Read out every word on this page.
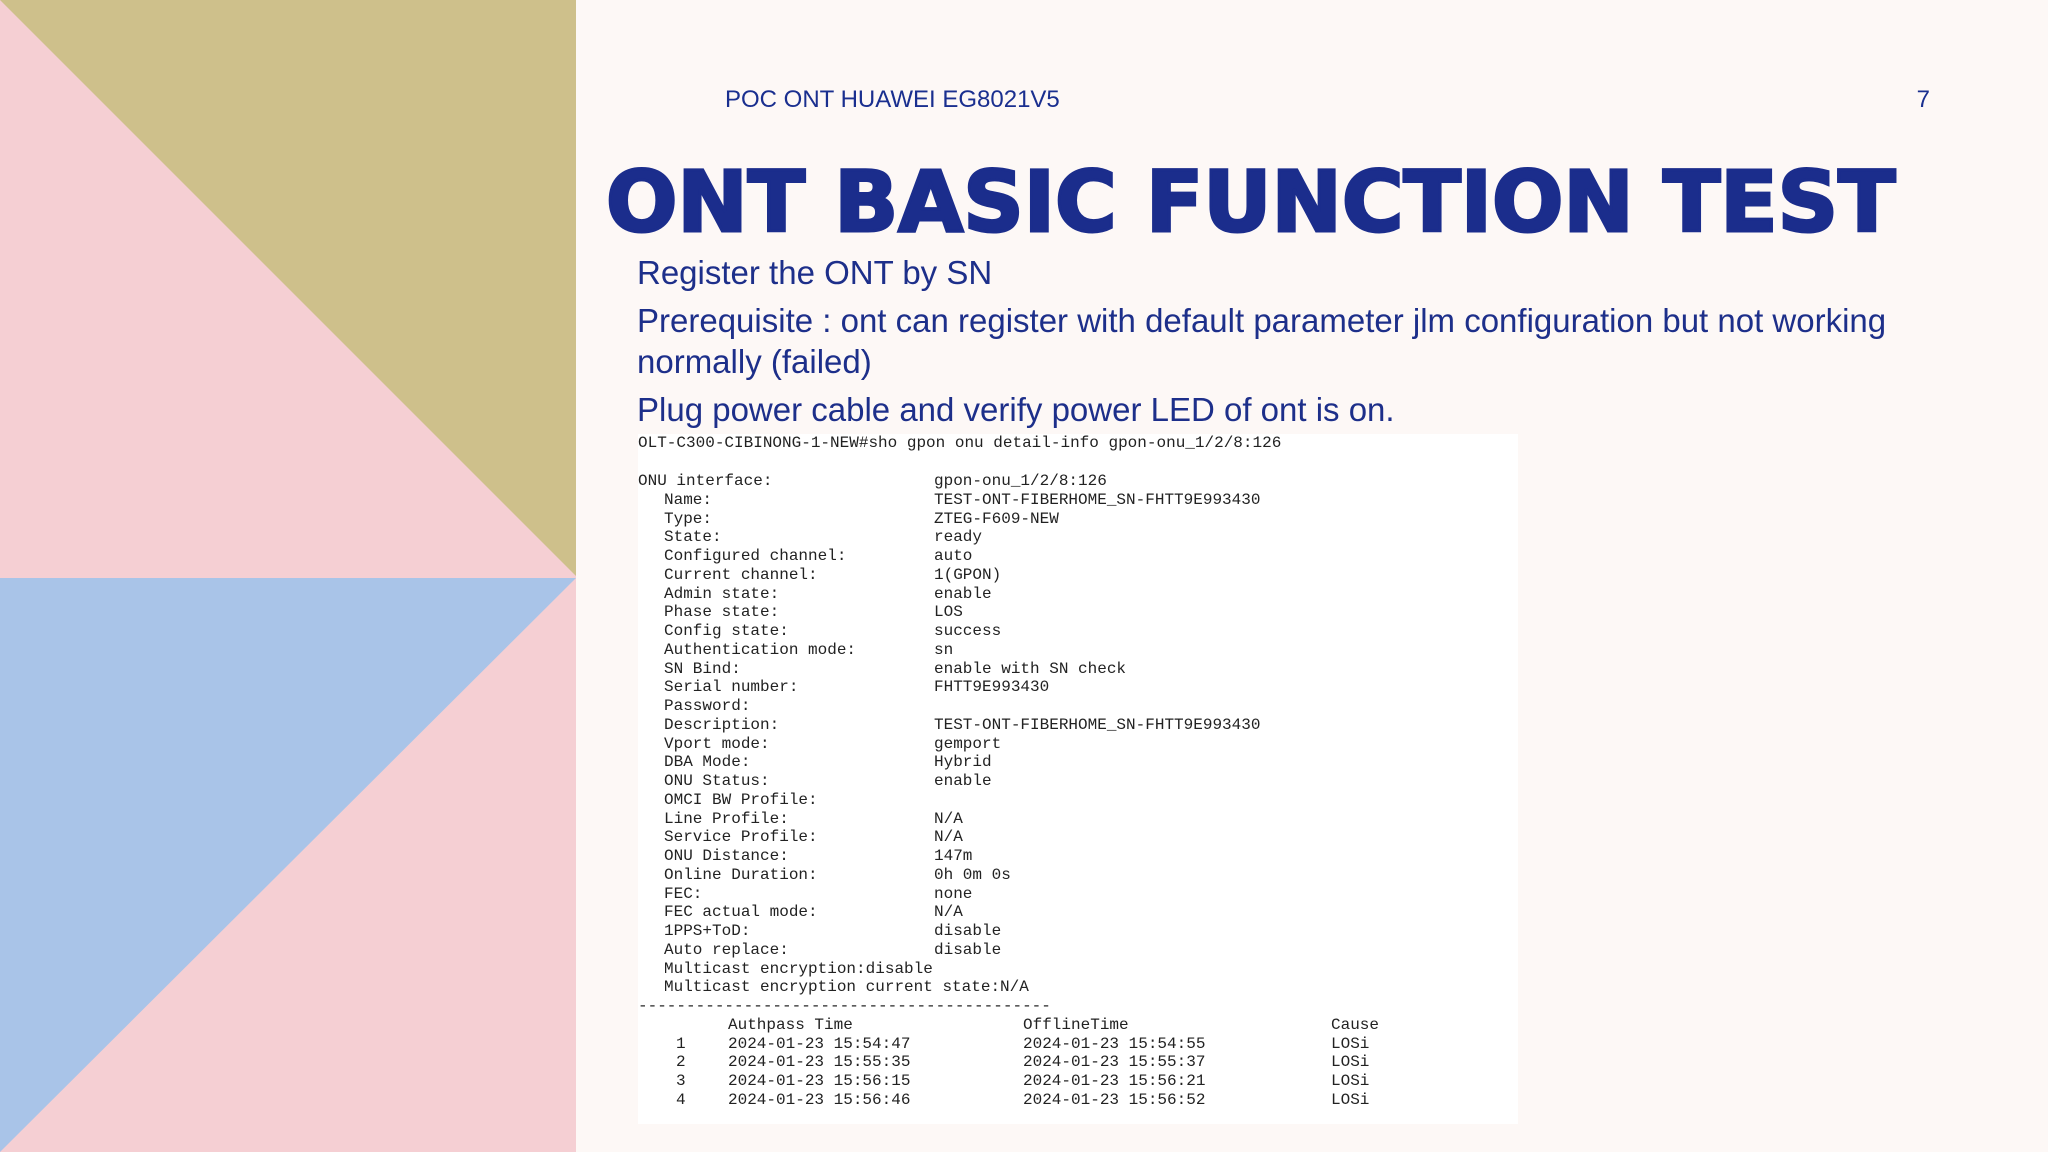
POC ONT HUAWEI EG8021V5	7
ONT BASIC FUNCTION TEST
Register the ONT by SN
Prerequisite : ont can register with default parameter jlm configuration but not working normally (failed)
Plug power cable and verify power LED of ont is on.
OLT-C300-CIBINONG-1-NEW#sho gpon onu detail-info gpon-onu_1/2/8:126
ONU interface:	gpon-onu_1/2/8:126
Name:	TEST-ONT-FIBERHOME_SN-FHTT9E993430
Type:	ZTEG-F609-NEW
State:	ready
Configured channel:	auto
Current channel:	1(GPON)
Admin state:	enable
Phase state:	LOS
Config state:	success
Authentication mode:	sn
SN Bind:	enable with SN check
Serial number:	FHTT9E993430
Password:
Description:	TEST-ONT-FIBERHOME_SN-FHTT9E993430
Vport mode:	gemport
DBA Mode:	Hybrid
ONU Status:	enable
OMCI BW Profile:
Line Profile:	N/A
Service Profile:	N/A
ONU Distance:	147m
Online Duration:	0h 0m 0s
FEC:	none
FEC actual mode:	N/A
1PPS+ToD:	disable
Auto replace:	disable
Multicast encryption:disable
Multicast encryption current state:N/A
-------------------------------------------
Authpass Time	OfflineTime	Cause
1	2024-01-23 15:54:47	2024-01-23 15:54:55	LOSi
2	2024-01-23 15:55:35	2024-01-23 15:55:37	LOSi
3	2024-01-23 15:56:15	2024-01-23 15:56:21	LOSi
4	2024-01-23 15:56:46	2024-01-23 15:56:52	LOSi
